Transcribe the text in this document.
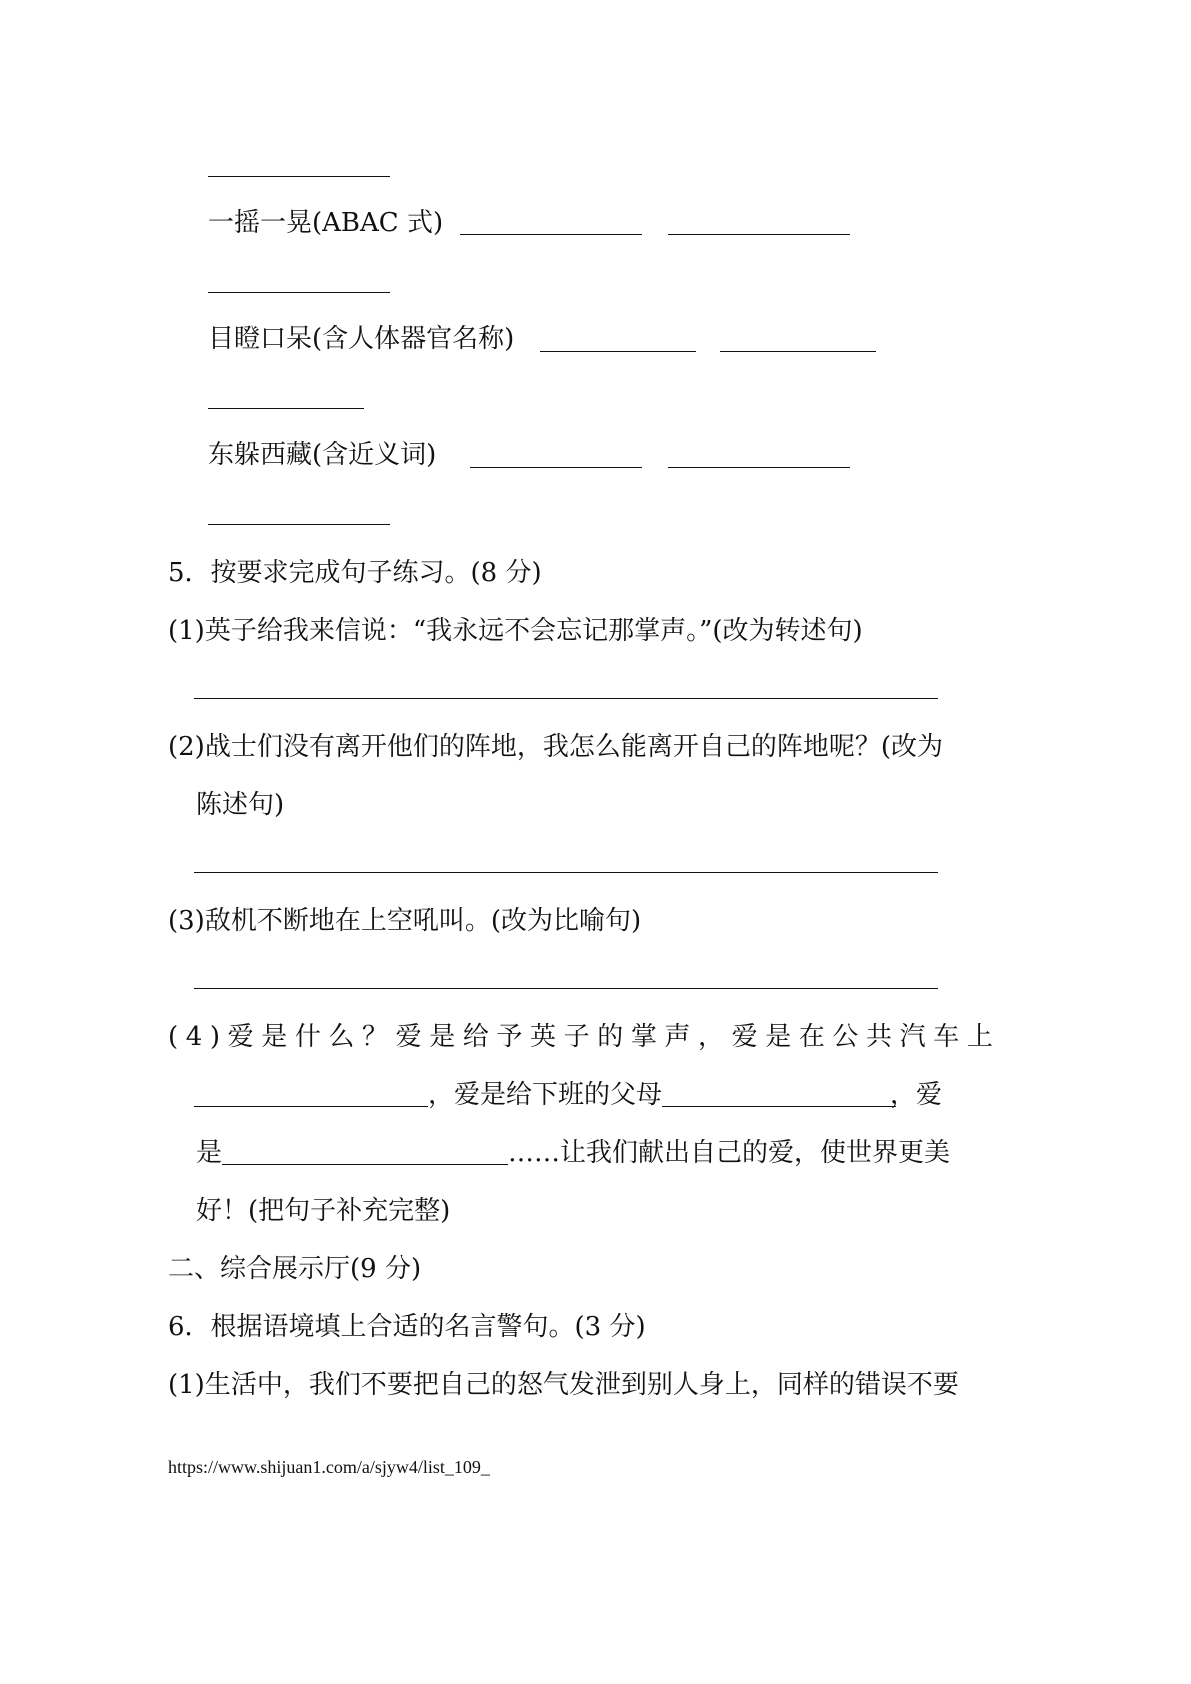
一摇一晃(ABAC 式)
目瞪口呆(含人体器官名称)
东躲西藏(含近义词)
5．按要求完成句子练习。(8 分)
(1)英子给我来信说：“我永远不会忘记那掌声。”(改为转述句)
(2)战士们没有离开他们的阵地，我怎么能离开自己的阵地呢？(改为
陈述句)
(3)敌机不断地在上空吼叫。(改为比喻句)
(4)爱是什么？爱是给予英子的掌声，爱是在公共汽车上
，爱是给下班的父母	，爱
是	……让我们献出自己的爱，使世界更美
好！(把句子补充完整)
二、综合展示厅(9 分)
6．根据语境填上合适的名言警句。(3 分)
(1)生活中，我们不要把自己的怒气发泄到别人身上，同样的错误不要
https://www.shijuan1.com/a/sjyw4/list_109_
